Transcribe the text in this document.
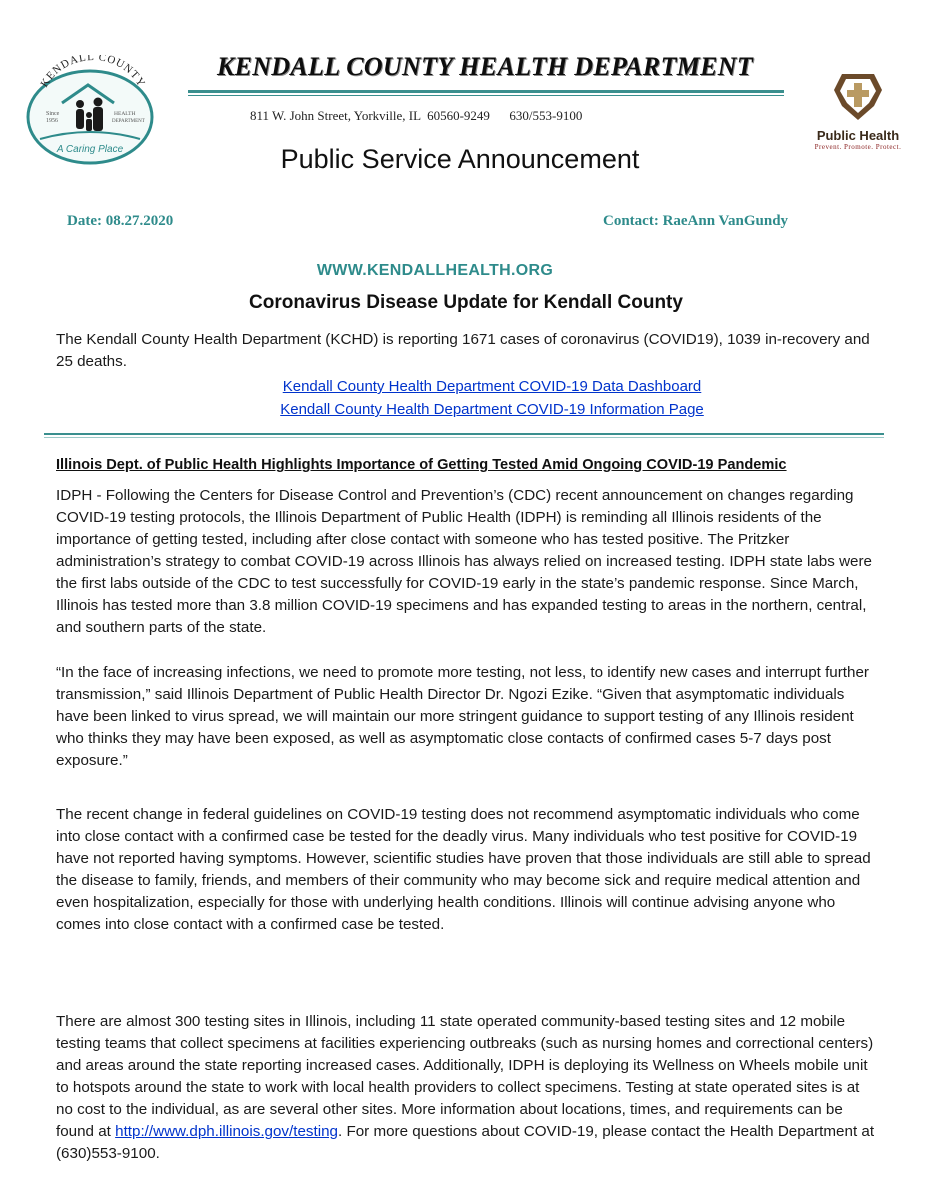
KENDALL COUNTY
Since
1956
HEALTH
DEPARTMENT
A Caring Place
KENDALL COUNTY HEALTH DEPARTMENT
811 W. John Street, Yorkville, IL  60560-9249      630/553-9100
Public Health
Prevent. Promote. Protect.
Public Service Announcement
Date: 08.27.2020	Contact: RaeAnn VanGundy
WWW.KENDALLHEALTH.ORG
Coronavirus Disease Update for Kendall County
The Kendall County Health Department (KCHD) is reporting 1671 cases of coronavirus (COVID19), 1039 in-recovery and 25 deaths.
Kendall County Health Department COVID-19 Data Dashboard
Kendall County Health Department COVID-19 Information Page
Illinois Dept. of Public Health Highlights Importance of Getting Tested Amid Ongoing COVID-19 Pandemic
IDPH - Following the Centers for Disease Control and Prevention’s (CDC) recent announcement on changes regarding COVID-19 testing protocols, the Illinois Department of Public Health (IDPH) is reminding all Illinois residents of the importance of getting tested, including after close contact with someone who has tested positive. The Pritzker administration’s strategy to combat COVID-19 across Illinois has always relied on increased testing. IDPH state labs were the first labs outside of the CDC to test successfully for COVID-19 early in the state’s pandemic response. Since March, Illinois has tested more than 3.8 million COVID-19 specimens and has expanded testing to areas in the northern, central, and southern parts of the state.
“In the face of increasing infections, we need to promote more testing, not less, to identify new cases and interrupt further transmission,” said Illinois Department of Public Health Director Dr. Ngozi Ezike. “Given that asymptomatic individuals have been linked to virus spread, we will maintain our more stringent guidance to support testing of any Illinois resident who thinks they may have been exposed, as well as asymptomatic close contacts of confirmed cases 5-7 days post exposure.”
The recent change in federal guidelines on COVID-19 testing does not recommend asymptomatic individuals who come into close contact with a confirmed case be tested for the deadly virus. Many individuals who test positive for COVID-19 have not reported having symptoms. However, scientific studies have proven that those individuals are still able to spread the disease to family, friends, and members of their community who may become sick and require medical attention and even hospitalization, especially for those with underlying health conditions. Illinois will continue advising anyone who comes into close contact with a confirmed case be tested.
There are almost 300 testing sites in Illinois, including 11 state operated community-based testing sites and 12 mobile testing teams that collect specimens at facilities experiencing outbreaks (such as nursing homes and correctional centers) and areas around the state reporting increased cases. Additionally, IDPH is deploying its Wellness on Wheels mobile unit to hotspots around the state to work with local health providers to collect specimens. Testing at state operated sites is at no cost to the individual, as are several other sites. More information about locations, times, and requirements can be found at http://www.dph.illinois.gov/testing. For more questions about COVID-19, please contact the Health Department at (630)553-9100.
